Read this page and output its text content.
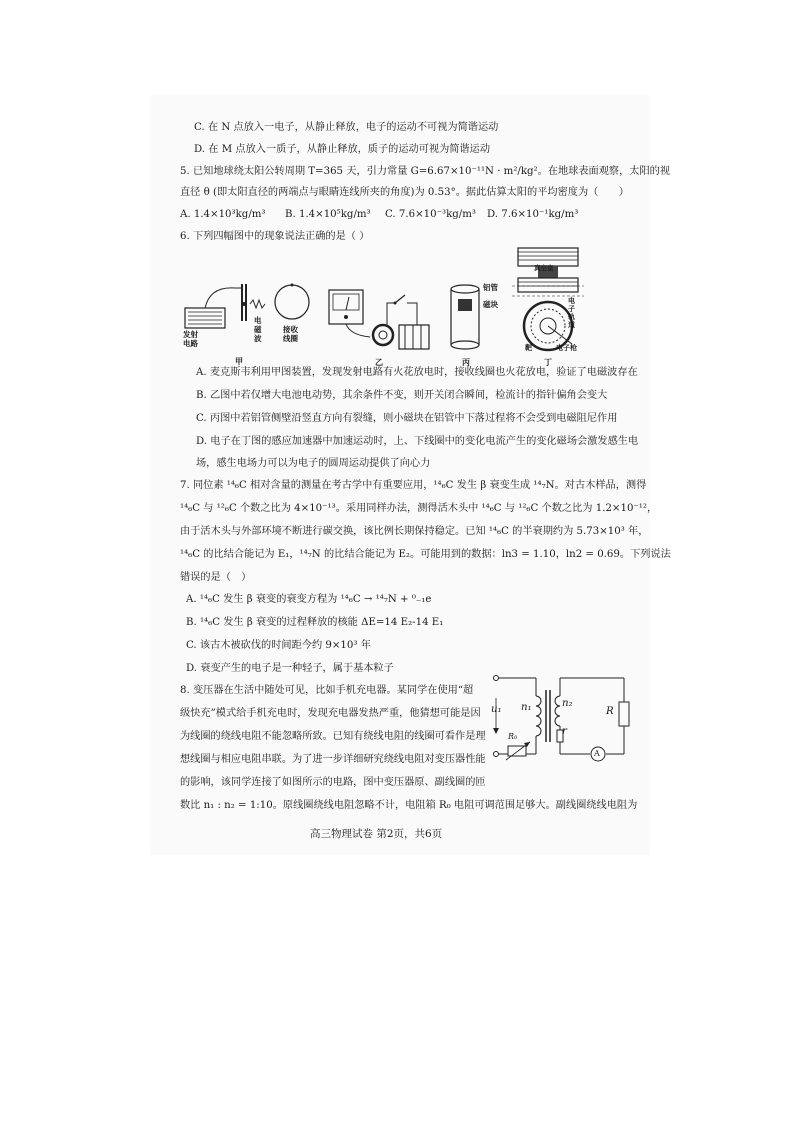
C. 在 N 点放入一电子，从静止释放，电子的运动不可视为简谐运动
D. 在 M 点放入一质子，从静止释放，质子的运动可视为简谐运动
5. 已知地球绕太阳公转周期 T=365 天，引力常量 G=6.67×10⁻¹¹N · m²/kg²。在地球表面观察，太阳的视
直径 θ (即太阳直径的两端点与眼睛连线所夹的角度)为 0.53°。据此估算太阳的平均密度为（　　）
A. 1.4×10³kg/m³ B. 1.4×10⁵kg/m³ C. 7.6×10⁻³kg/m³ D. 7.6×10⁻¹kg/m³
6. 下列四幅图中的现象说法正确的是（ ）
发射
电路
电
磁
波
接收
线圈
铝管
磁块
真空室
电
子
轨
道
电子枪
靶
甲	乙	丙	丁
A. 麦克斯韦利用甲图装置，发现发射电路有火花放电时，接收线圈也火花放电，验证了电磁波存在
B. 乙图中若仅增大电池电动势，其余条件不变，则开关闭合瞬间，检流计的指针偏角会变大
C. 丙图中若铝管侧壁沿竖直方向有裂缝，则小磁块在铝管中下落过程将不会受到电磁阻尼作用
D. 电子在丁图的感应加速器中加速运动时，上、下线圈中的变化电流产生的变化磁场会激发感生电
场，感生电场力可以为电子的圆周运动提供了向心力
7. 同位素 ¹⁴₆C 相对含量的测量在考古学中有重要应用，¹⁴₆C 发生 β 衰变生成 ¹⁴₇N。对古木样品，测得
¹⁴₆C 与 ¹²₆C 个数之比为 4×10⁻¹³。采用同样办法，测得活木头中 ¹⁴₆C 与 ¹²₆C 个数之比为 1.2×10⁻¹²，
由于活木头与外部环境不断进行碳交换，该比例长期保持稳定。已知 ¹⁴₆C 的半衰期约为 5.73×10³ 年，
¹⁴₆C 的比结合能记为 E₁，¹⁴₇N 的比结合能记为 E₂。可能用到的数据：ln3 = 1.10，ln2 = 0.69。下列说法
错误的是（　）
A. ¹⁴₆C 发生 β 衰变的衰变方程为 ¹⁴₆C → ¹⁴₇N + ⁰₋₁e
B. ¹⁴₆C 发生 β 衰变的过程释放的核能 ΔE=14 E₂-14 E₁
C. 该古木被砍伐的时间距今约 9×10³ 年
D. 衰变产生的电子是一种轻子，属于基本粒子
8. 变压器在生活中随处可见，比如手机充电器。某同学在使用“超
级快充”模式给手机充电时，发现充电器发热严重，他猜想可能是因
为线圈的绕线电阻不能忽略所致。已知有绕线电阻的线圈可看作是理
想线圈与相应电阻串联。为了进一步详细研究绕线电阻对变压器性能
的影响，该同学连接了如图所示的电路，图中变压器原、副线圈的匝
数比 n₁ : n₂ = 1:10。原线圈绕线电阻忽略不计，电阻箱 R₀ 电阻可调范围足够大。副线圈绕线电阻为
u₁ n₁	n₂
r
R
R₀
A
高三物理试卷 第2页，共6页
